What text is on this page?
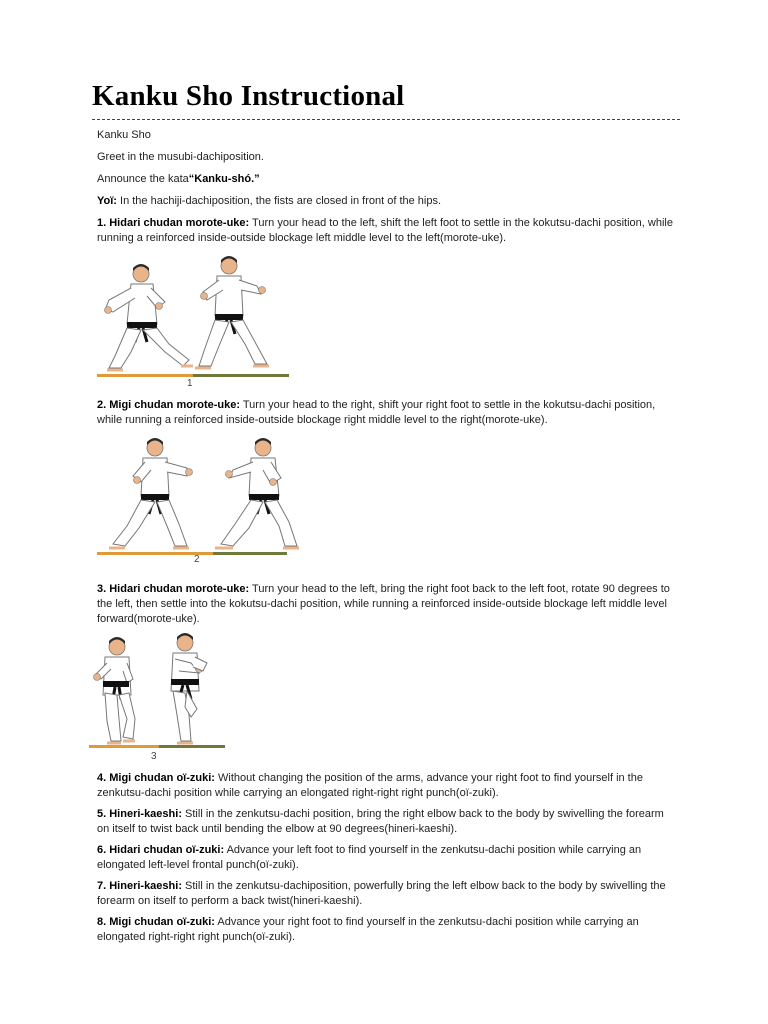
Kanku Sho Instructional

Kanku Sho

Greet in the musubi-dachiposition.

Announce the kata“Kanku-shó.”

Yoï: In the hachiji-dachiposition, the fists are closed in front of the hips.

1. Hidari chudan morote-uke: Turn your head to the left, shift the left foot to settle in the kokutsu-dachi position, while running a reinforced inside-outside blockage left middle level to the left(morote-uke).

1

2. Migi chudan morote-uke: Turn your head to the right, shift your right foot to settle in the kokutsu-dachi position, while running a reinforced inside-outside blockage right middle level to the right(morote-uke).

2

3. Hidari chudan morote-uke: Turn your head to the left, bring the right foot back to the left foot, rotate 90 degrees to the left, then settle into the kokutsu-dachi position, while running a reinforced inside-outside blockage left middle level forward(morote-uke).

3

4. Migi chudan oï-zuki: Without changing the position of the arms, advance your right foot to find yourself in the zenkutsu-dachi position while carrying an elongated right-right right punch(oï-zuki).

5. Hineri-kaeshi: Still in the zenkutsu-dachi position, bring the right elbow back to the body by swivelling the forearm on itself to twist back until bending the elbow at 90 degrees(hineri-kaeshi).

6. Hidari chudan oï-zuki: Advance your left foot to find yourself in the zenkutsu-dachi position while carrying an elongated left-level frontal punch(oï-zuki).

7. Hineri-kaeshi: Still in the zenkutsu-dachiposition, powerfully bring the left elbow back to the body by swivelling the forearm on itself to perform a back twist(hineri-kaeshi).

8. Migi chudan oï-zuki: Advance your right foot to find yourself in the zenkutsu-dachi position while carrying an elongated right-right right punch(oï-zuki).
